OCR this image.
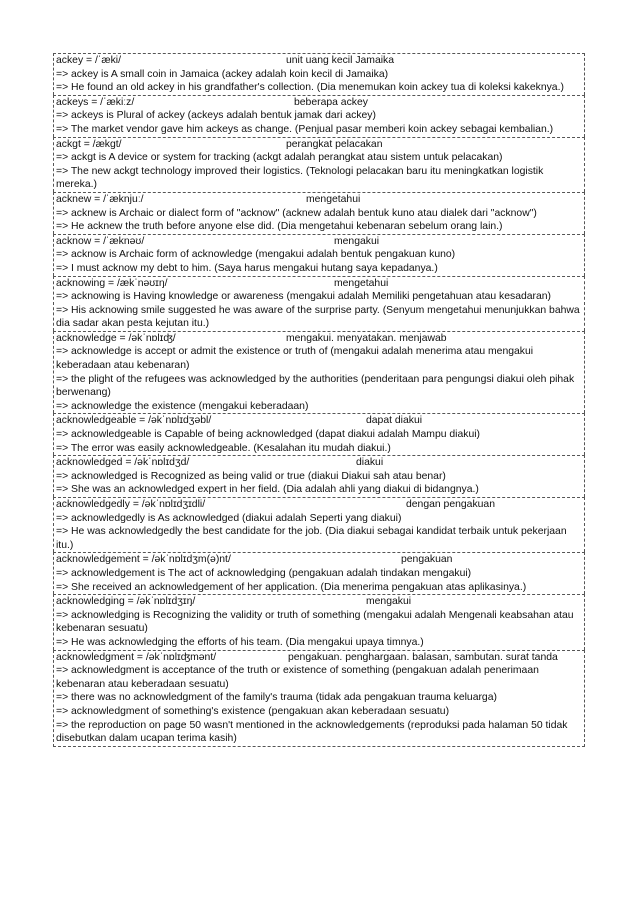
ackey = /ˈæki/	unit uang kecil Jamaika
=> ackey is A small coin in Jamaica (ackey adalah koin kecil di Jamaika)
=> He found an old ackey in his grandfather's collection. (Dia menemukan koin ackey tua di koleksi kakeknya.)
ackeys = /ˈækiːz/	beberapa ackey
=> ackeys is Plural of ackey (ackeys adalah bentuk jamak dari ackey)
=> The market vendor gave him ackeys as change. (Penjual pasar memberi koin ackey sebagai kembalian.)
ackgt = /ækgt/	perangkat pelacakan
=> ackgt is A device or system for tracking (ackgt adalah perangkat atau sistem untuk pelacakan)
=> The new ackgt technology improved their logistics. (Teknologi pelacakan baru itu meningkatkan logistik mereka.)
acknew = /ˈæknjuː/	mengetahui
=> acknew is Archaic or dialect form of "acknow" (acknew adalah bentuk kuno atau dialek dari "acknow")
=> He acknew the truth before anyone else did. (Dia mengetahui kebenaran sebelum orang lain.)
acknow = /ˈæknəʊ/	mengakui
=> acknow is Archaic form of acknowledge (mengakui adalah bentuk pengakuan kuno)
=> I must acknow my debt to him. (Saya harus mengakui hutang saya kepadanya.)
acknowing = /ækˈnəʊɪŋ/	mengetahui
=> acknowing is Having knowledge or awareness (mengakui adalah Memiliki pengetahuan atau kesadaran)
=> His acknowing smile suggested he was aware of the surprise party. (Senyum mengetahui menunjukkan bahwa dia sadar akan pesta kejutan itu.)
acknowledge = /əkˈnɒlɪʤ/	mengakui. menyatakan. menjawab
=> acknowledge is accept or admit the existence or truth of (mengakui adalah menerima atau mengakui keberadaan atau kebenaran)
=> the plight of the refugees was acknowledged by the authorities (penderitaan para pengungsi diakui oleh pihak berwenang)
=> acknowledge the existence (mengakui keberadaan)
acknowledgeable = /əkˈnɒlɪdʒəbl/	dapat diakui
=> acknowledgeable is Capable of being acknowledged (dapat diakui adalah Mampu diakui)
=> The error was easily acknowledgeable. (Kesalahan itu mudah diakui.)
acknowledged = /əkˈnɒlɪdʒd/	diakui
=> acknowledged is Recognized as being valid or true (diakui Diakui sah atau benar)
=> She was an acknowledged expert in her field. (Dia adalah ahli yang diakui di bidangnya.)
acknowledgedly = /əkˈnɒlɪdʒɪdli/	dengan pengakuan
=> acknowledgedly is As acknowledged (diakui adalah Seperti yang diakui)
=> He was acknowledgedly the best candidate for the job. (Dia diakui sebagai kandidat terbaik untuk pekerjaan itu.)
acknowledgement = /əkˈnɒlɪdʒm(ə)nt/	pengakuan
=> acknowledgement is The act of acknowledging (pengakuan adalah tindakan mengakui)
=> She received an acknowledgement of her application. (Dia menerima pengakuan atas aplikasinya.)
acknowledging = /əkˈnɒlɪdʒɪŋ/	mengakui
=> acknowledging is Recognizing the validity or truth of something (mengakui adalah Mengenali keabsahan atau kebenaran sesuatu)
=> He was acknowledging the efforts of his team. (Dia mengakui upaya timnya.)
acknowledgment = /əkˈnɒlɪʤmənt/	pengakuan. penghargaan. balasan, sambutan. surat tanda
=> acknowledgment is acceptance of the truth or existence of something (pengakuan adalah penerimaan kebenaran atau keberadaan sesuatu)
=> there was no acknowledgment of the family's trauma (tidak ada pengakuan trauma keluarga)
=> acknowledgment of something's existence (pengakuan akan keberadaan sesuatu)
=> the reproduction on page 50 wasn't mentioned in the acknowledgements (reproduksi pada halaman 50 tidak disebutkan dalam ucapan terima kasih)
